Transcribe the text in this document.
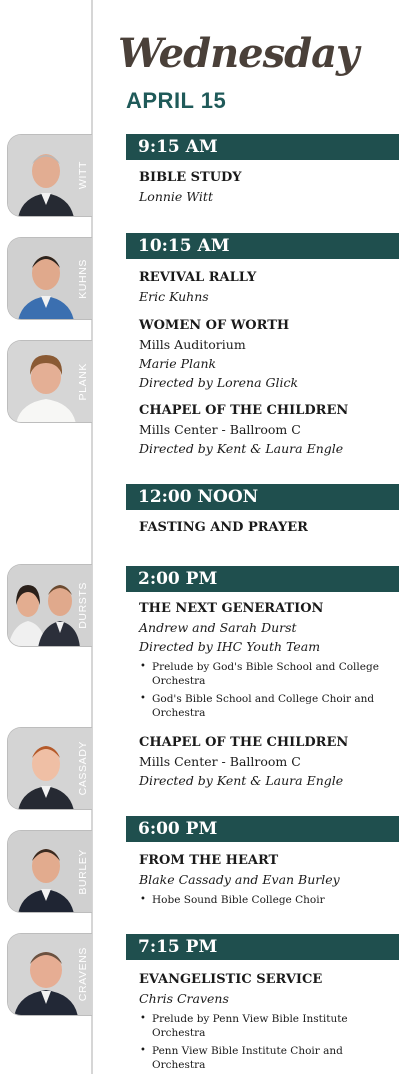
Wednesday
APRIL 15
9:15 AM
10:15 AM
12:00 NOON
2:00 PM
6:00 PM
7:15 PM
BIBLE STUDY
Lonnie Witt
REVIVAL RALLY
Eric Kuhns
WOMEN OF WORTH
Mills Auditorium
Marie Plank
Directed by Lorena Glick
CHAPEL OF THE CHILDREN
Mills Center - Ballroom C
Directed by Kent & Laura Engle
FASTING AND PRAYER
THE NEXT GENERATION
Andrew and Sarah Durst
Directed by IHC Youth Team
• Prelude by God's Bible School and College Orchestra
• God's Bible School and College Choir and Orchestra
CHAPEL OF THE CHILDREN
Mills Center - Ballroom C
Directed by Kent & Laura Engle
FROM THE HEART
Blake Cassady and Evan Burley
• Hobe Sound Bible College Choir
EVANGELISTIC SERVICE
Chris Cravens
• Prelude by Penn View Bible Institute Orchestra
• Penn View Bible Institute Choir and Orchestra
WITT
KUHNS
PLANK
DURSTS
CASSADY
BURLEY
CRAVENS
